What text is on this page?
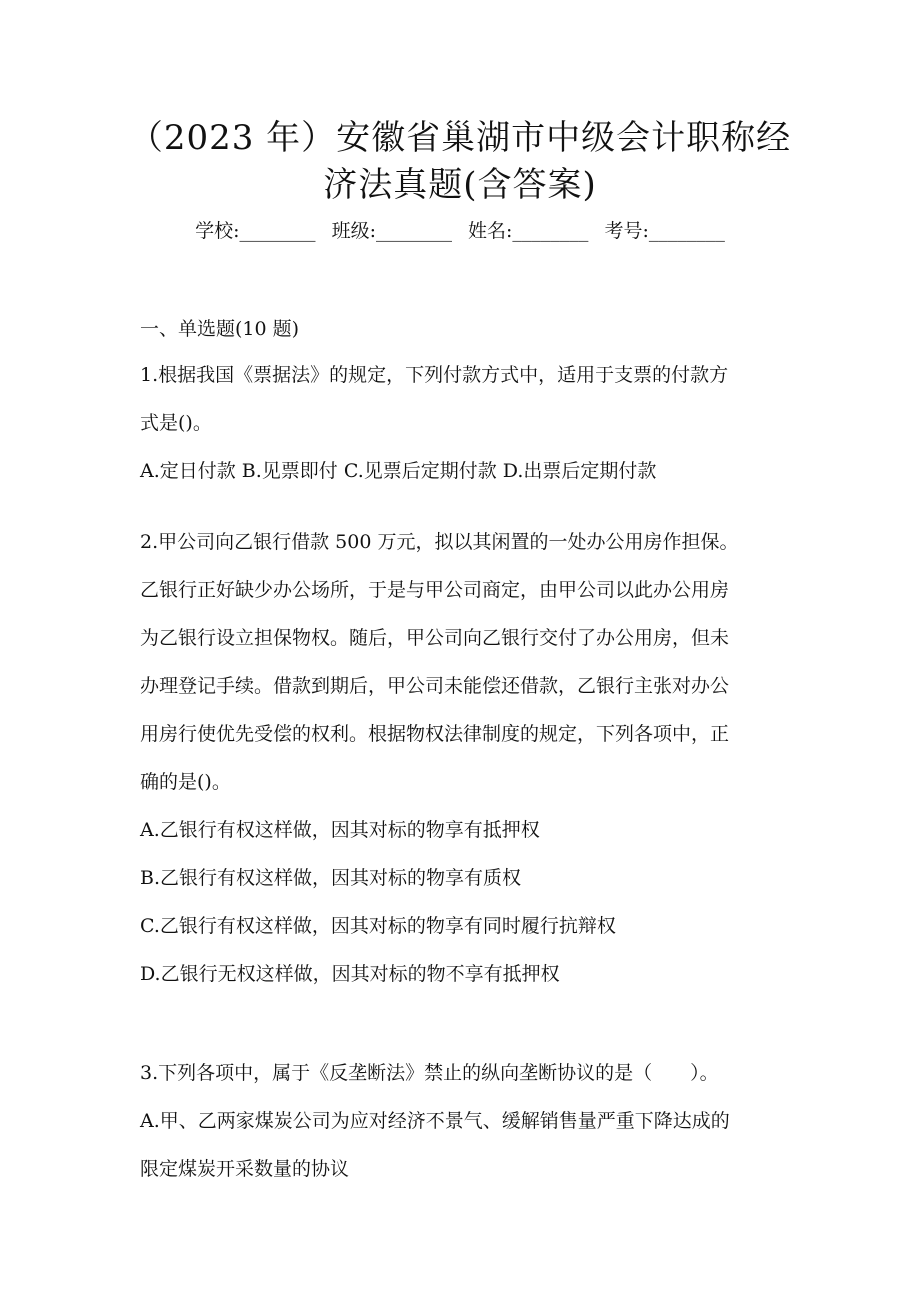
（2023 年）安徽省巢湖市中级会计职称经
济法真题(含答案)
学校:________ 班级:________ 姓名:________ 考号:________
一、单选题(10 题)
1.根据我国《票据法》的规定，下列付款方式中，适用于支票的付款方
式是()。
A.定日付款 B.见票即付 C.见票后定期付款 D.出票后定期付款
2.甲公司向乙银行借款 500 万元，拟以其闲置的一处办公用房作担保。
乙银行正好缺少办公场所，于是与甲公司商定，由甲公司以此办公用房
为乙银行设立担保物权。随后，甲公司向乙银行交付了办公用房，但未
办理登记手续。借款到期后，甲公司未能偿还借款，乙银行主张对办公
用房行使优先受偿的权利。根据物权法律制度的规定，下列各项中，正
确的是()。
A.乙银行有权这样做，因其对标的物享有抵押权
B.乙银行有权这样做，因其对标的物享有质权
C.乙银行有权这样做，因其对标的物享有同时履行抗辩权
D.乙银行无权这样做，因其对标的物不享有抵押权
3.下列各项中，属于《反垄断法》禁止的纵向垄断协议的是（　　）。
A.甲、乙两家煤炭公司为应对经济不景气、缓解销售量严重下降达成的
限定煤炭开采数量的协议
